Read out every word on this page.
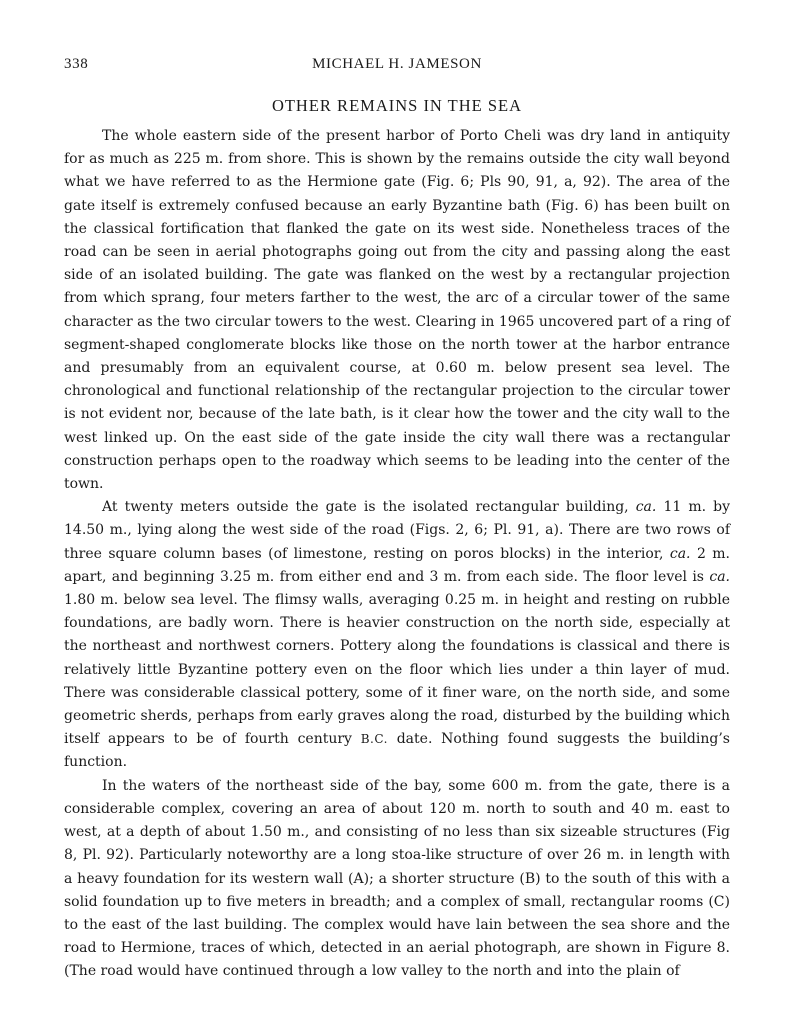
338	MICHAEL H. JAMESON
OTHER REMAINS IN THE SEA

The whole eastern side of the present harbor of Porto Cheli was dry land in antiquity for as much as 225 m. from shore. This is shown by the remains outside the city wall beyond what we have referred to as the Hermione gate (Fig. 6; Pls 90, 91, a, 92). The area of the gate itself is extremely confused because an early Byzantine bath (Fig. 6) has been built on the classical fortification that flanked the gate on its west side. Nonetheless traces of the road can be seen in aerial photographs going out from the city and passing along the east side of an isolated building. The gate was flanked on the west by a rectangular projection from which sprang, four meters farther to the west, the arc of a circular tower of the same character as the two circular towers to the west. Clearing in 1965 uncovered part of a ring of segment-shaped conglomerate blocks like those on the north tower at the harbor entrance and presumably from an equivalent course, at 0.60 m. below present sea level. The chronological and functional relationship of the rectangular projection to the circular tower is not evident nor, because of the late bath, is it clear how the tower and the city wall to the west linked up. On the east side of the gate inside the city wall there was a rectangular construction perhaps open to the roadway which seems to be leading into the center of the town.

At twenty meters outside the gate is the isolated rectangular building, ca. 11 m. by 14.50 m., lying along the west side of the road (Figs. 2, 6; Pl. 91, a). There are two rows of three square column bases (of limestone, resting on poros blocks) in the interior, ca. 2 m. apart, and beginning 3.25 m. from either end and 3 m. from each side. The floor level is ca. 1.80 m. below sea level. The flimsy walls, averaging 0.25 m. in height and resting on rubble foundations, are badly worn. There is heavier construction on the north side, especially at the northeast and northwest corners. Pottery along the foundations is classical and there is relatively little Byzantine pottery even on the floor which lies under a thin layer of mud. There was considerable classical pottery, some of it finer ware, on the north side, and some geometric sherds, perhaps from early graves along the road, disturbed by the building which itself appears to be of fourth century B.C. date. Nothing found suggests the building’s function.

In the waters of the northeast side of the bay, some 600 m. from the gate, there is a considerable complex, covering an area of about 120 m. north to south and 40 m. east to west, at a depth of about 1.50 m., and consisting of no less than six sizeable structures (Fig 8, Pl. 92). Particularly noteworthy are a long stoa-like structure of over 26 m. in length with a heavy foundation for its western wall (A); a shorter structure (B) to the south of this with a solid foundation up to five meters in breadth; and a complex of small, rectangular rooms (C) to the east of the last building. The complex would have lain between the sea shore and the road to Hermione, traces of which, detected in an aerial photograph, are shown in Figure 8. (The road would have continued through a low valley to the north and into the plain of
